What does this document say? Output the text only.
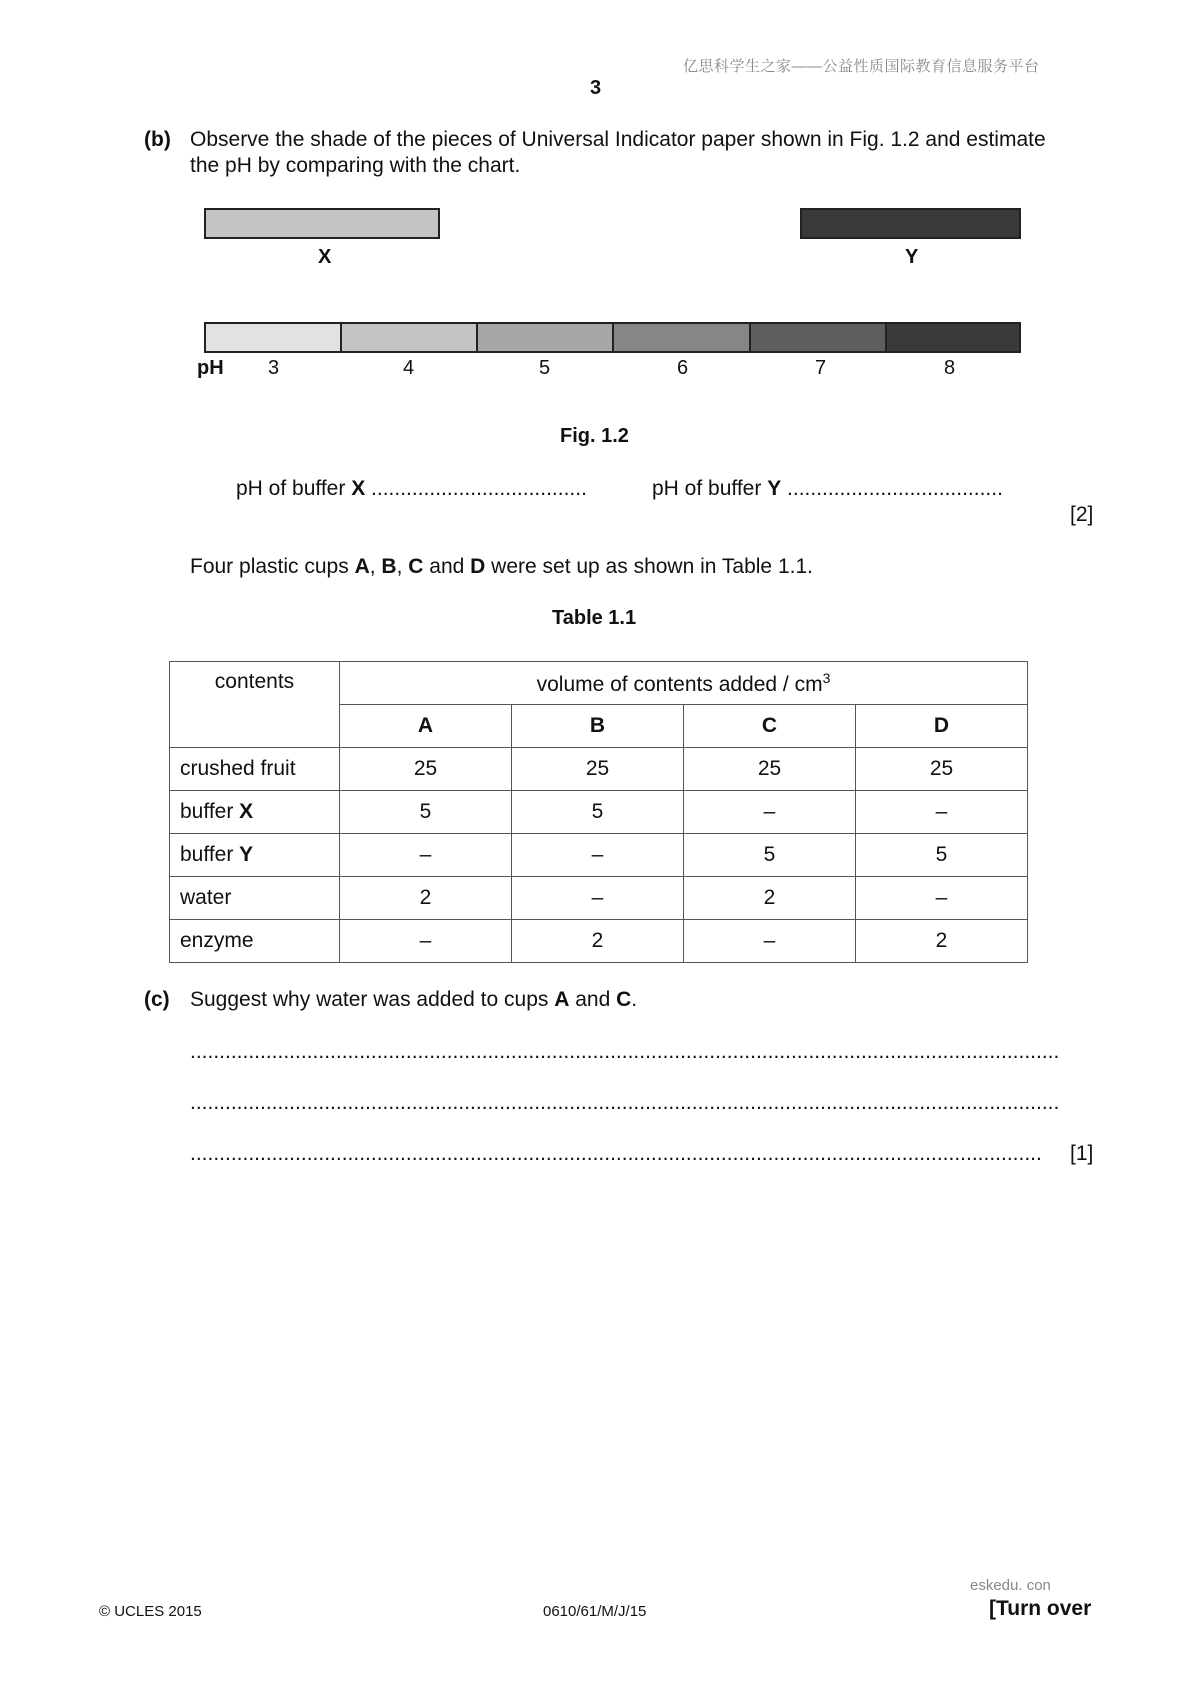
亿思科学生之家——公益性质国际教育信息服务平台
3
(b) Observe the shade of the pieces of Universal Indicator paper shown in Fig. 1.2 and estimate
the pH by comparing with the chart.
X	Y
pH 3	4	5	6	7	8
Fig. 1.2
pH of buffer X .....................................	pH of buffer Y .....................................
[2]
Four plastic cups A, B, C and D were set up as shown in Table 1.1.
Table 1.1
contents	volume of contents added / $cm^3$
	A	B	C	D
crushed fruit	25	25	25	25
buffer X	5	5	–	–
buffer Y	–	–	5	5
water	2	–	2	–
enzyme	–	2	–	2
(c) Suggest why water was added to cups A and C.
.....................................................................................................................................................
.....................................................................................................................................................
.................................................................................................................................................. [1]
eskedu. con
© UCLES 2015	0610/61/M/J/15	[Turn over
